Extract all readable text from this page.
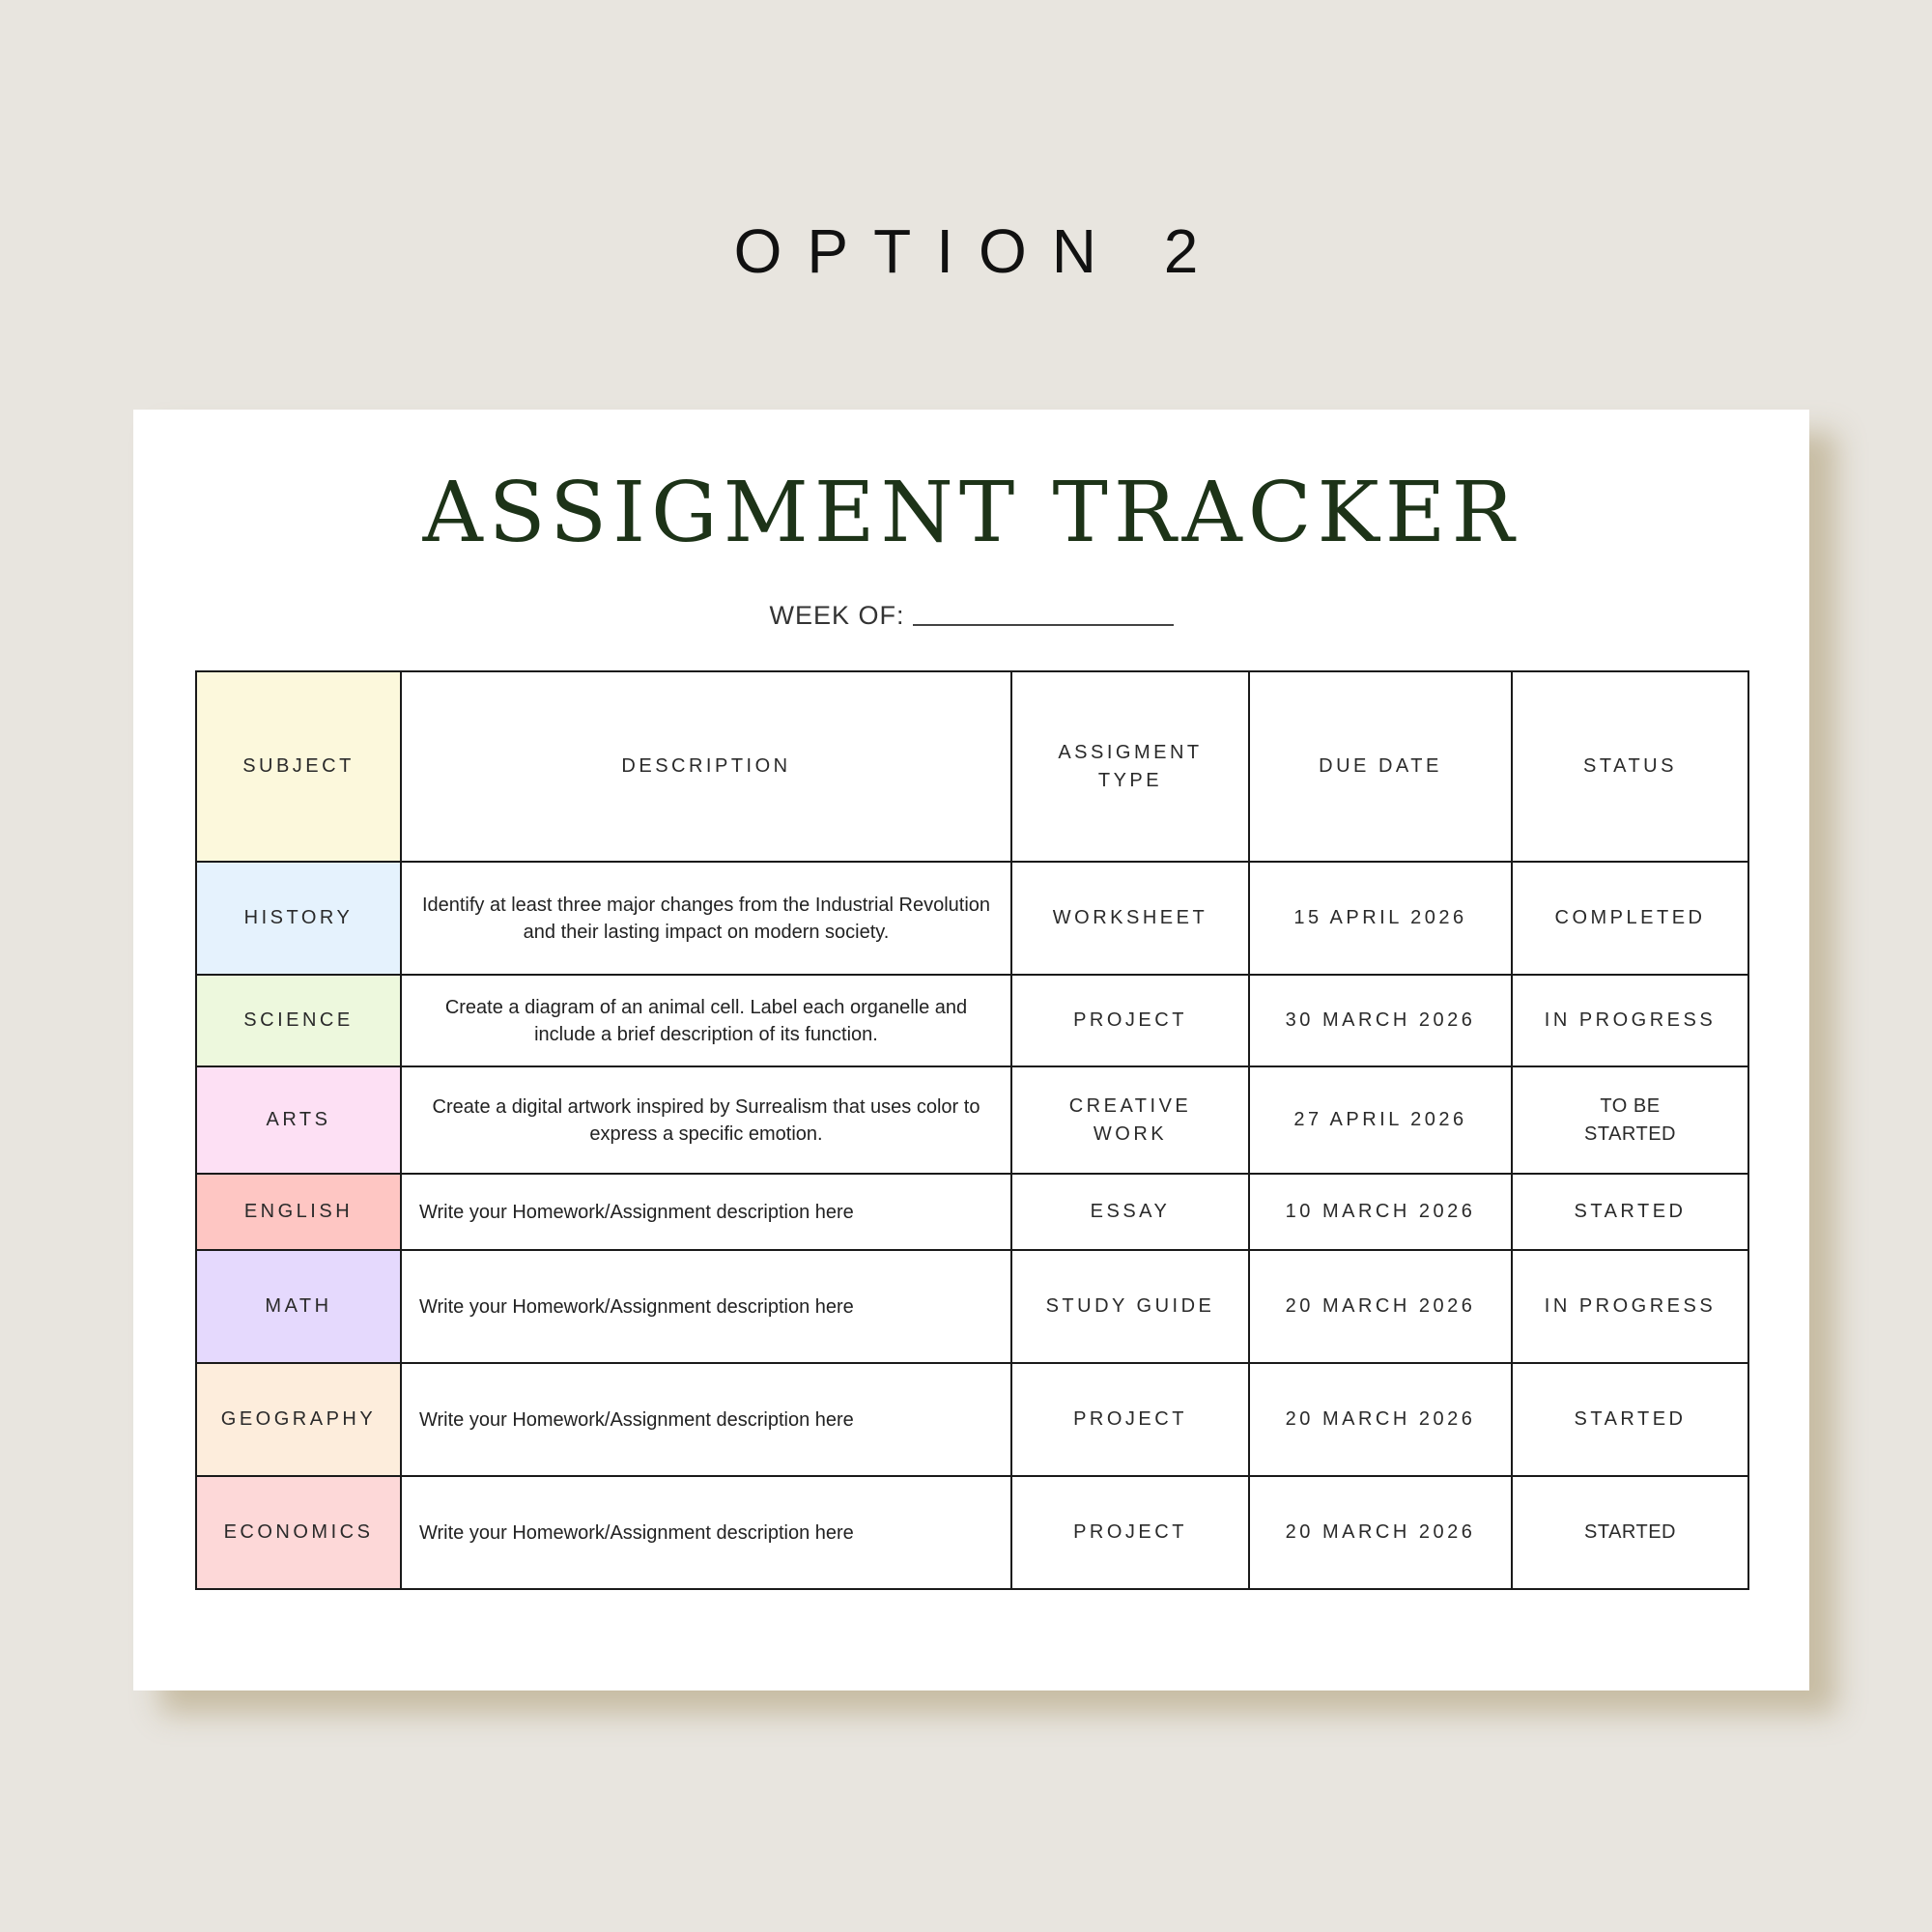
OPTION 2
ASSIGMENT TRACKER
WEEK OF:
SUBJECT	DESCRIPTION	ASSIGMENT TYPE	DUE DATE	STATUS
HISTORY	Identify at least three major changes from the Industrial Revolution and their lasting impact on modern society.	WORKSHEET	15 APRIL 2026	COMPLETED
SCIENCE	Create a diagram of an animal cell. Label each organelle and include a brief description of its function.	PROJECT	30 MARCH 2026	IN PROGRESS
ARTS	Create a digital artwork inspired by Surrealism that uses color to express a specific emotion.	CREATIVE WORK	27 APRIL 2026	TO BE STARTED
ENGLISH	Write your Homework/Assignment description here	ESSAY	10 MARCH 2026	STARTED
MATH	Write your Homework/Assignment description here	STUDY GUIDE	20 MARCH 2026	IN PROGRESS
GEOGRAPHY	Write your Homework/Assignment description here	PROJECT	20 MARCH 2026	STARTED
ECONOMICS	Write your Homework/Assignment description here	PROJECT	20 MARCH 2026	STARTED
